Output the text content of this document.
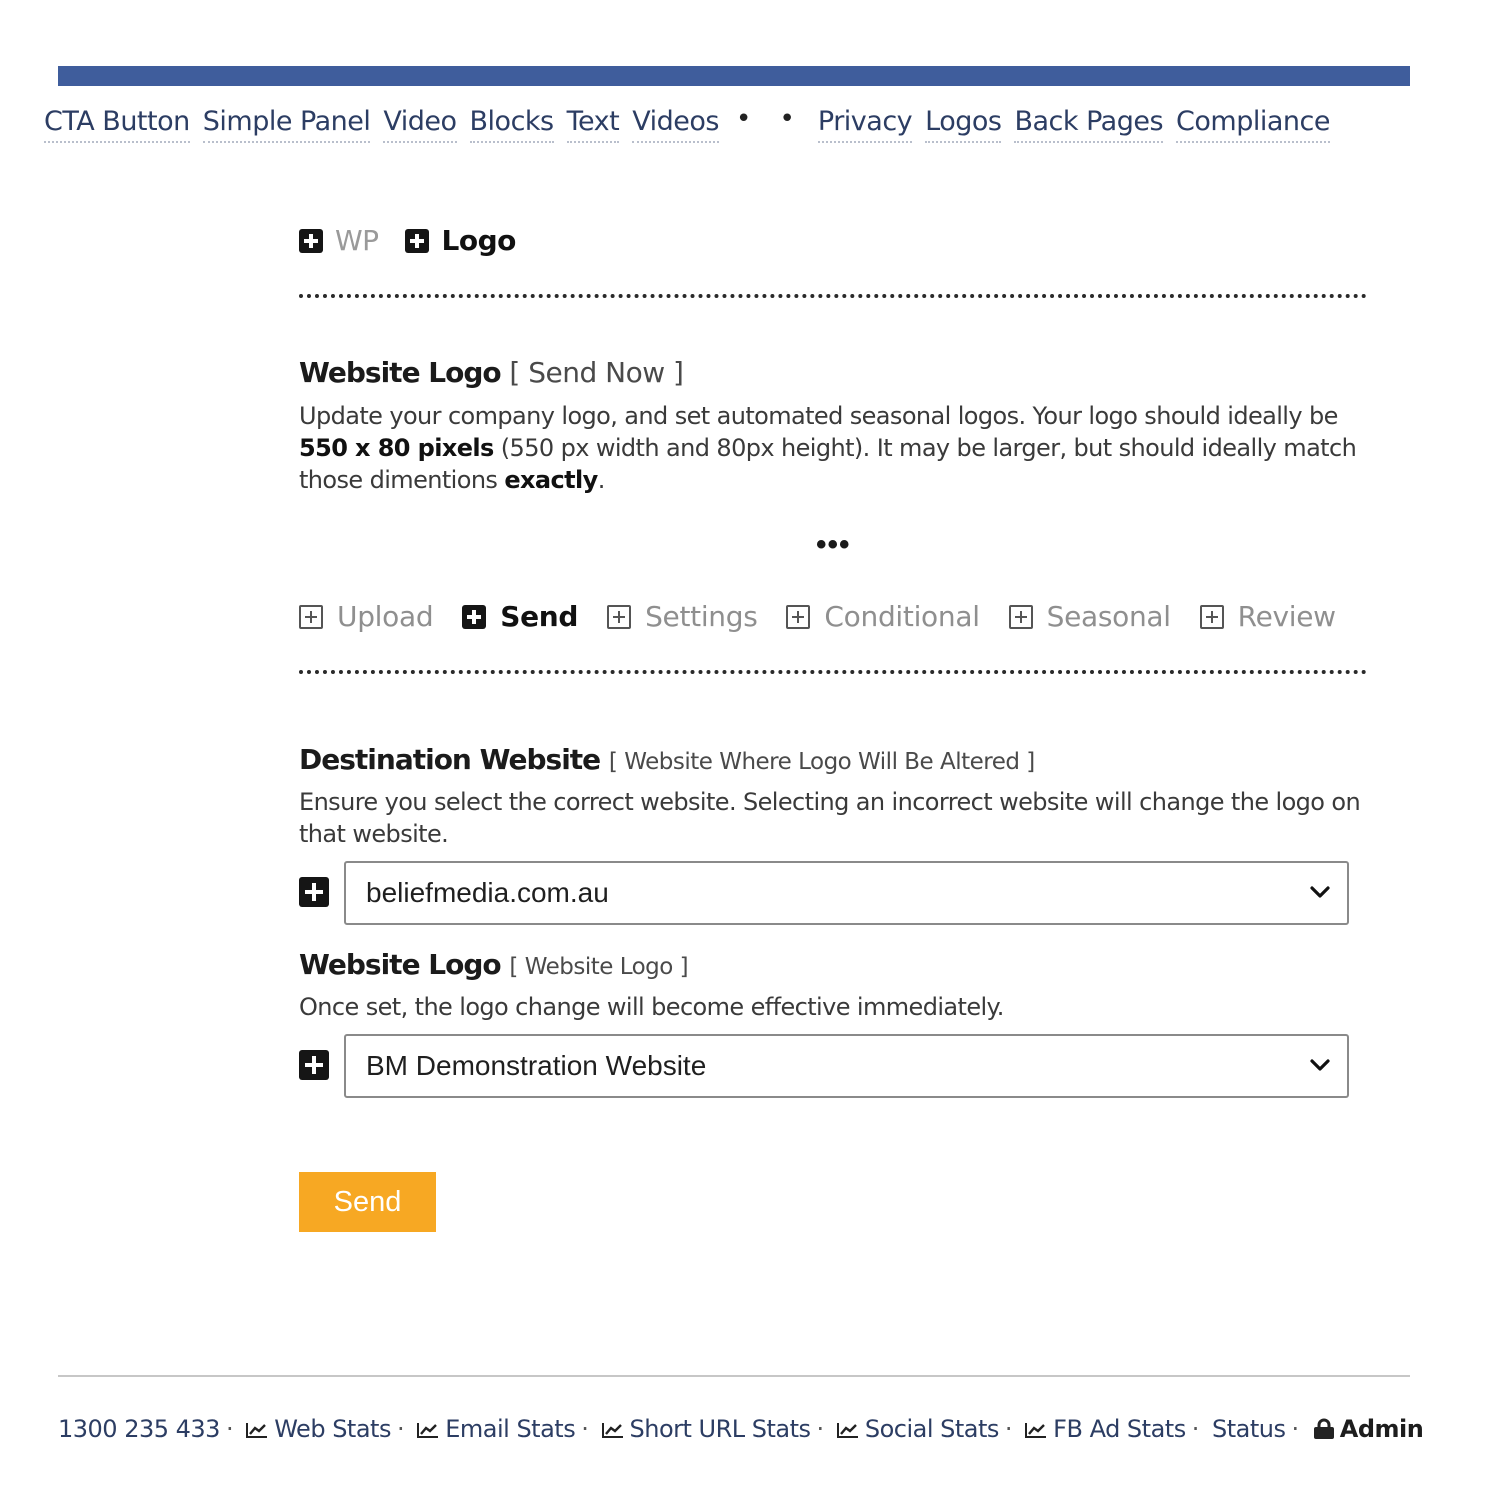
CTA Button Simple Panel Video Blocks Text Videos • • Privacy Logos Back Pages Compliance
WP Logo
Website Logo [ Send Now ]
Update your company logo, and set automated seasonal logos. Your logo should ideally be 550 x 80 pixels (550 px width and 80px height). It may be larger, but should ideally match those dimentions exactly.
•••
Upload Send Settings Conditional Seasonal Review
Destination Website [ Website Where Logo Will Be Altered ]
Ensure you select the correct website. Selecting an incorrect website will change the logo on that website.
beliefmedia.com.au
Website Logo [ Website Logo ]
Once set, the logo change will become effective immediately.
BM Demonstration Website
Send
1300 235 433 · Web Stats · Email Stats · Short URL Stats · Social Stats · FB Ad Stats · Status · Admin
